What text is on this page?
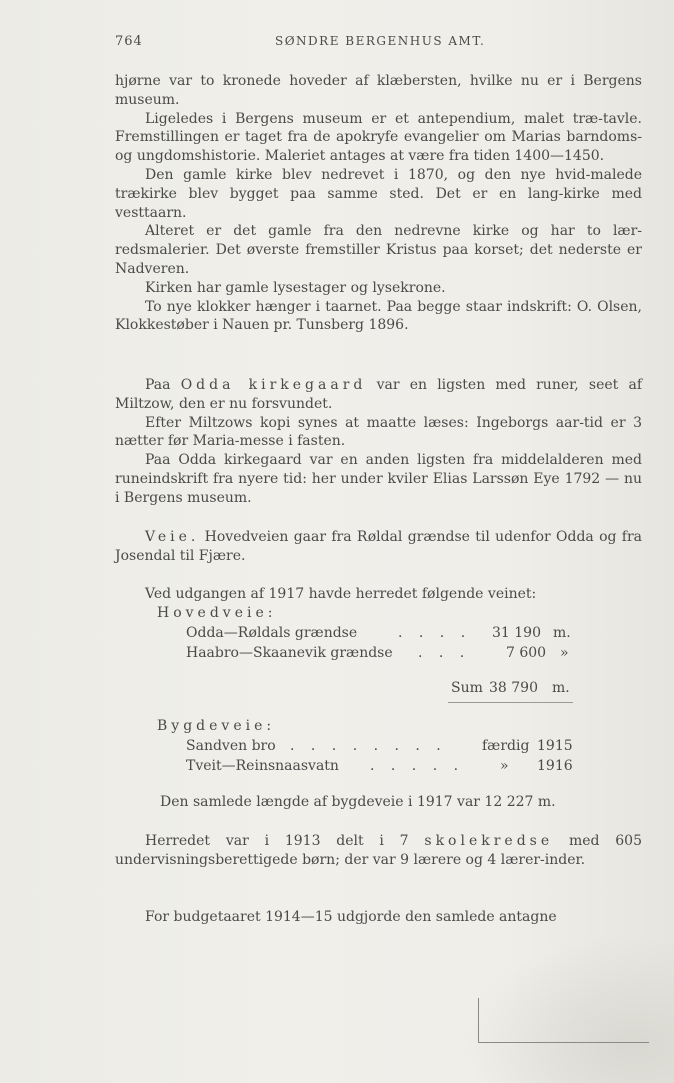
764	SØNDRE BERGENHUS AMT.

hjørne var to kronede hoveder af klæbersten, hvilke nu er i Bergens museum.

Ligeledes i Bergens museum er et antependium, malet træ-tavle. Fremstillingen er taget fra de apokryfe evangelier om Marias barndoms- og ungdomshistorie. Maleriet antages at være fra tiden 1400—1450.

Den gamle kirke blev nedrevet i 1870, og den nye hvid-malede trækirke blev bygget paa samme sted. Det er en lang-kirke med vesttaarn.

Alteret er det gamle fra den nedrevne kirke og har to lær-redsmalerier. Det øverste fremstiller Kristus paa korset; det nederste er Nadveren.

Kirken har gamle lysestager og lysekrone.

To nye klokker hænger i taarnet. Paa begge staar indskrift: O. Olsen, Klokkestøber i Nauen pr. Tunsberg 1896.

Paa Odda kirkegaard var en ligsten med runer, seet af Miltzow, den er nu forsvundet.

Efter Miltzows kopi synes at maatte læses: Ingeborgs aar-tid er 3 nætter før Maria-messe i fasten.

Paa Odda kirkegaard var en anden ligsten fra middelalderen med runeindskrift fra nyere tid: her under kviler Elias Larssøn Eye 1792 — nu i Bergens museum.

Veie. Hovedveien gaar fra Røldal grændse til udenfor Odda og fra Josendal til Fjære.

Ved udgangen af 1917 havde herredet følgende veinet:

Hovedveie:
Odda—Røldals grændse	. . . . 31 190 m.
Haabro—Skaanevik grændse . . .	7 600 »
Sum 38 790 m.
Bygdeveie:
Sandven bro . . . . . . . .	færdig 1915
Tveit—Reinsnaasvatn . . . . .	» 1916
Den samlede længde af bygdeveie i 1917 var 12 227 m.

Herredet var i 1913 delt i 7 skolekredse med 605 undervisningsberettigede børn; der var 9 lærere og 4 lærer-inder.

For budgetaaret 1914—15 udgjorde den samlede antagne
